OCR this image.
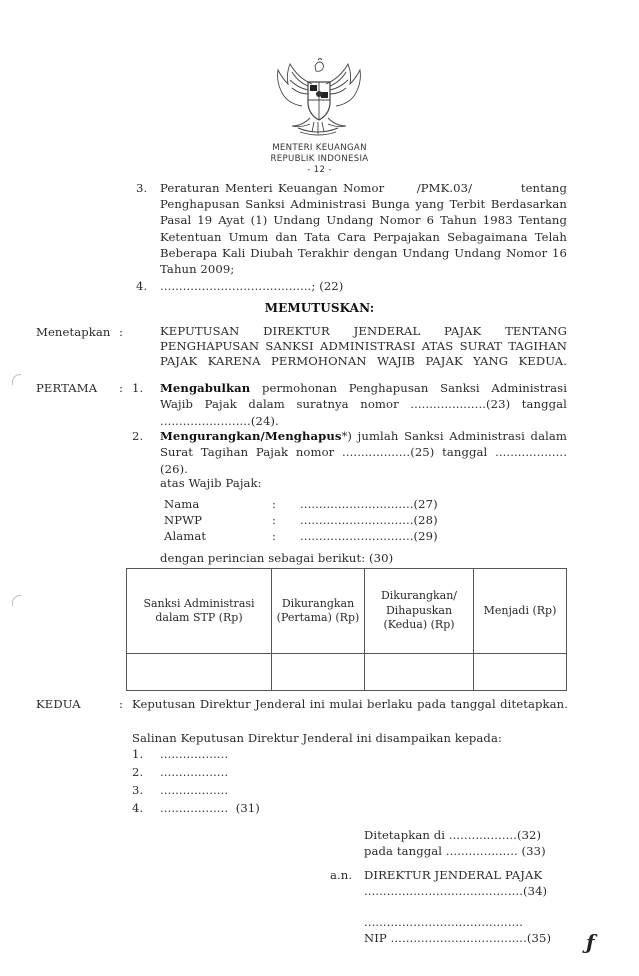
MENTERI KEUANGAN
REPUBLIK INDONESIA
- 12 -
3. Peraturan Menteri Keuangan Nomor      /PMK.03/         tentang
Penghapusan Sanksi Administrasi Bunga yang Terbit Berdasarkan Pasal 19 Ayat (1) Undang Undang Nomor 6 Tahun 1983 Tentang Ketentuan Umum dan Tata Cara Perpajakan Sebagaimana Telah Beberapa Kali Diubah Terakhir dengan Undang Undang Nomor 16 Tahun 2009;
4. ........................................; (22)
MEMUTUSKAN:
Menetapkan :	KEPUTUSAN DIREKTUR JENDERAL PAJAK TENTANG PENGHAPUSAN SANKSI ADMINISTRASI ATAS SURAT TAGIHAN PAJAK KARENA PERMOHONAN WAJIB PAJAK YANG KEDUA.
PERTAMA : 1. Mengabulkan permohonan Penghapusan Sanksi Administrasi Wajib Pajak dalam suratnya nomor ....................(23) tanggal ........................(24).
2. Mengurangkan/Menghapus*) jumlah Sanksi Administrasi dalam Surat Tagihan Pajak nomor ..................(25) tanggal ...................(26).
atas Wajib Pajak:
Nama	: ..............................(27)
NPWP	: ..............................(28)
Alamat	: ..............................(29)
dengan perincian sebagai berikut: (30)
Sanksi Administrasi dalam STP (Rp)	Dikurangkan (Pertama) (Rp)	Dikurangkan/ Dihapuskan (Kedua) (Rp)	Menjadi (Rp)

KEDUA	: Keputusan Direktur Jenderal ini mulai berlaku pada tanggal ditetapkan.
Salinan Keputusan Direktur Jenderal ini disampaikan kepada:
1. ..................
2. ..................
3. ..................
4. ..................  (31)
Ditetapkan di ..................(32)
pada tanggal ................... (33)
a.n. DIREKTUR JENDERAL PAJAK
..........................................(34)
..........................................
NIP ....................................(35) ƒ
